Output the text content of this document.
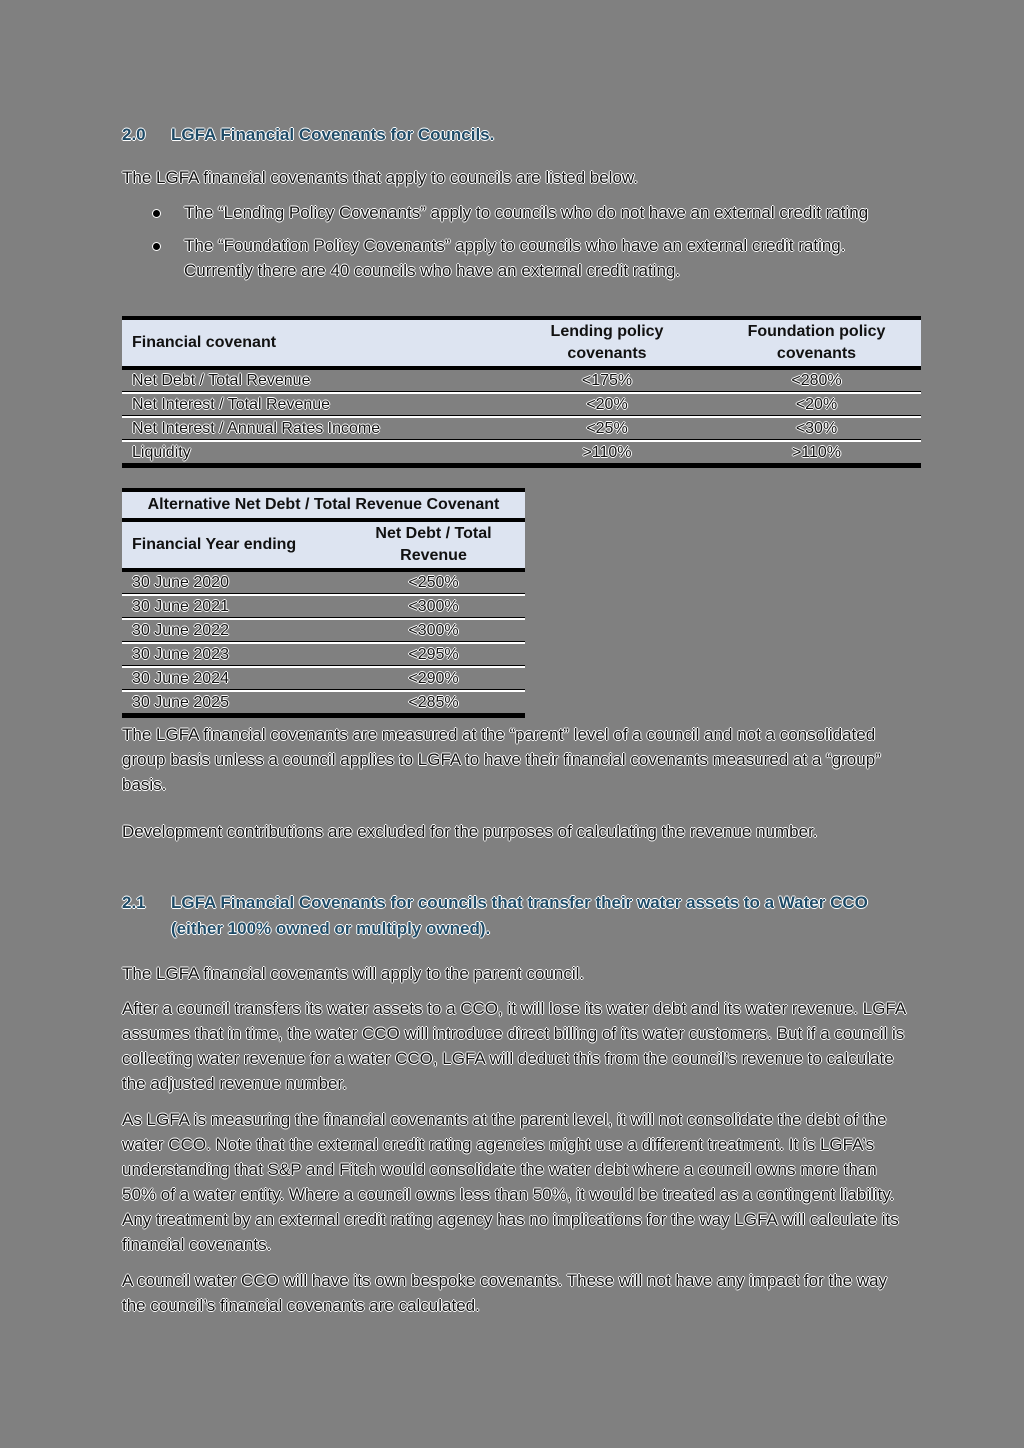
2.0 LGFA Financial Covenants for Councils.
The LGFA financial covenants that apply to councils are listed below.
The “Lending Policy Covenants” apply to councils who do not have an external credit rating
The “Foundation Policy Covenants” apply to councils who have an external credit rating. Currently there are 40 councils who have an external credit rating.
Financial covenant	Lending policy covenants	Foundation policy covenants
Net Debt / Total Revenue	<175%	<280%
Net Interest / Total Revenue	<20%	<20%
Net Interest / Annual Rates Income	<25%	<30%
Liquidity	>110%	>110%
Alternative Net Debt / Total Revenue Covenant	
Financial Year ending	Net Debt / Total Revenue
30 June 2020	<250%
30 June 2021	<300%
30 June 2022	<300%
30 June 2023	<295%
30 June 2024	<290%
30 June 2025	<285%
The LGFA financial covenants are measured at the “parent” level of a council and not a consolidated group basis unless a council applies to LGFA to have their financial covenants measured at a “group” basis.
Development contributions are excluded for the purposes of calculating the revenue number.
2.1 LGFA Financial Covenants for councils that transfer their water assets to a Water CCO (either 100% owned or multiply owned).
The LGFA financial covenants will apply to the parent council.
After a council transfers its water assets to a CCO, it will lose its water debt and its water revenue. LGFA assumes that in time, the water CCO will introduce direct billing of its water customers. But if a council is collecting water revenue for a water CCO, LGFA will deduct this from the council’s revenue to calculate the adjusted revenue number.
As LGFA is measuring the financial covenants at the parent level, it will not consolidate the debt of the water CCO. Note that the external credit rating agencies might use a different treatment. It is LGFA’s understanding that S&P and Fitch would consolidate the water debt where a council owns more than 50% of a water entity. Where a council owns less than 50%, it would be treated as a contingent liability. Any treatment by an external credit rating agency has no implications for the way LGFA will calculate its financial covenants.
A council water CCO will have its own bespoke covenants. These will not have any impact for the way the council’s financial covenants are calculated.
